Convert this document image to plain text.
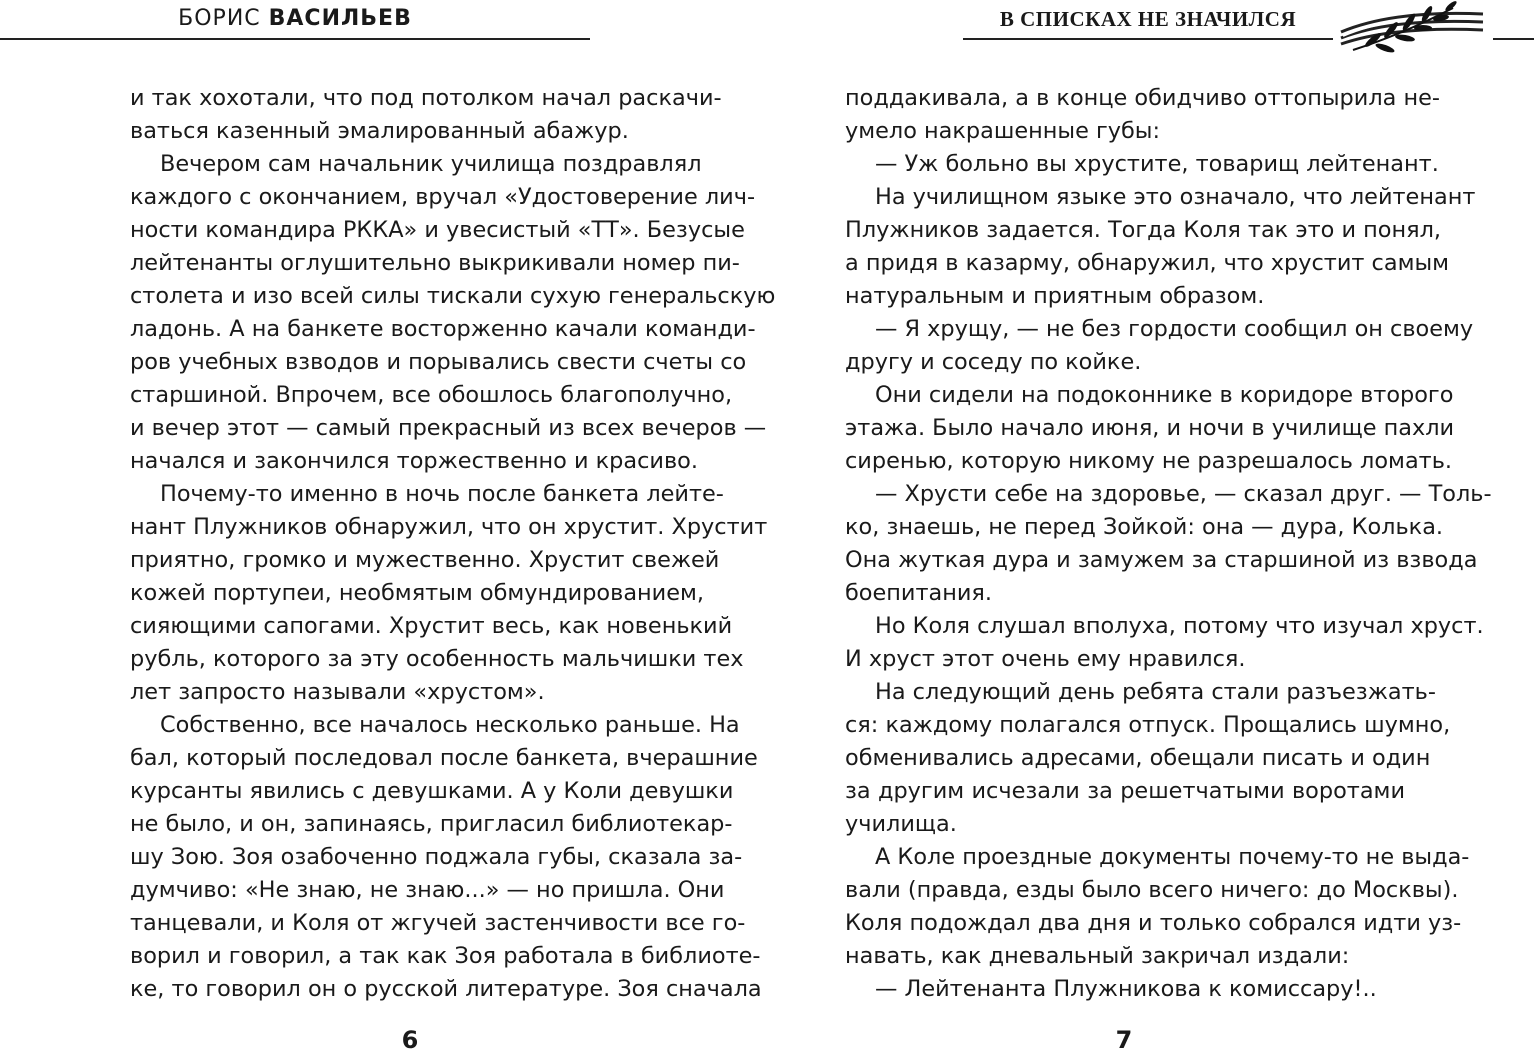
БОРИС ВАСИЛЬЕВ
и так хохотали, что под потолком начал раскачи-
ваться казенный эмалированный абажур.
Вечером сам начальник училища поздравлял
каждого с окончанием, вручал «Удостоверение лич-
ности командира РККА» и увесистый «ТТ». Безусые
лейтенанты оглушительно выкрикивали номер пи-
столета и изо всей силы тискали сухую генеральскую
ладонь. А на банкете восторженно качали команди-
ров учебных взводов и порывались свести счеты со
старшиной. Впрочем, все обошлось благополучно,
и вечер этот — самый прекрасный из всех вечеров —
начался и закончился торжественно и красиво.
Почему-то именно в ночь после банкета лейте-
нант Плужников обнаружил, что он хрустит. Хрустит
приятно, громко и мужественно. Хрустит свежей
кожей портупеи, необмятым обмундированием,
сияющими сапогами. Хрустит весь, как новенький
рубль, которого за эту особенность мальчишки тех
лет запросто называли «хрустом».
Собственно, все началось несколько раньше. На
бал, который последовал после банкета, вчерашние
курсанты явились с девушками. А у Коли девушки
не было, и он, запинаясь, пригласил библиотекар-
шу Зою. Зоя озабоченно поджала губы, сказала за-
думчиво: «Не знаю, не знаю...» — но пришла. Они
танцевали, и Коля от жгучей застенчивости все го-
ворил и говорил, а так как Зоя работала в библиоте-
ке, то говорил он о русской литературе. Зоя сначала
6
В СПИСКАХ НЕ ЗНАЧИЛСЯ
поддакивала, а в конце обидчиво оттопырила не-
умело накрашенные губы:
— Уж больно вы хрустите, товарищ лейтенант.
На училищном языке это означало, что лейтенант
Плужников задается. Тогда Коля так это и понял,
а придя в казарму, обнаружил, что хрустит самым
натуральным и приятным образом.
— Я хрущу, — не без гордости сообщил он своему
другу и соседу по койке.
Они сидели на подоконнике в коридоре второго
этажа. Было начало июня, и ночи в училище пахли
сиренью, которую никому не разрешалось ломать.
— Хрусти себе на здоровье, — сказал друг. — Толь-
ко, знаешь, не перед Зойкой: она — дура, Колька.
Она жуткая дура и замужем за старшиной из взвода
боепитания.
Но Коля слушал вполуха, потому что изучал хруст.
И хруст этот очень ему нравился.
На следующий день ребята стали разъезжать-
ся: каждому полагался отпуск. Прощались шумно,
обменивались адресами, обещали писать и один
за другим исчезали за решетчатыми воротами
училища.
А Коле проездные документы почему-то не выда-
вали (правда, езды было всего ничего: до Москвы).
Коля подождал два дня и только собрался идти уз-
навать, как дневальный закричал издали:
— Лейтенанта Плужникова к комиссару!..
7
